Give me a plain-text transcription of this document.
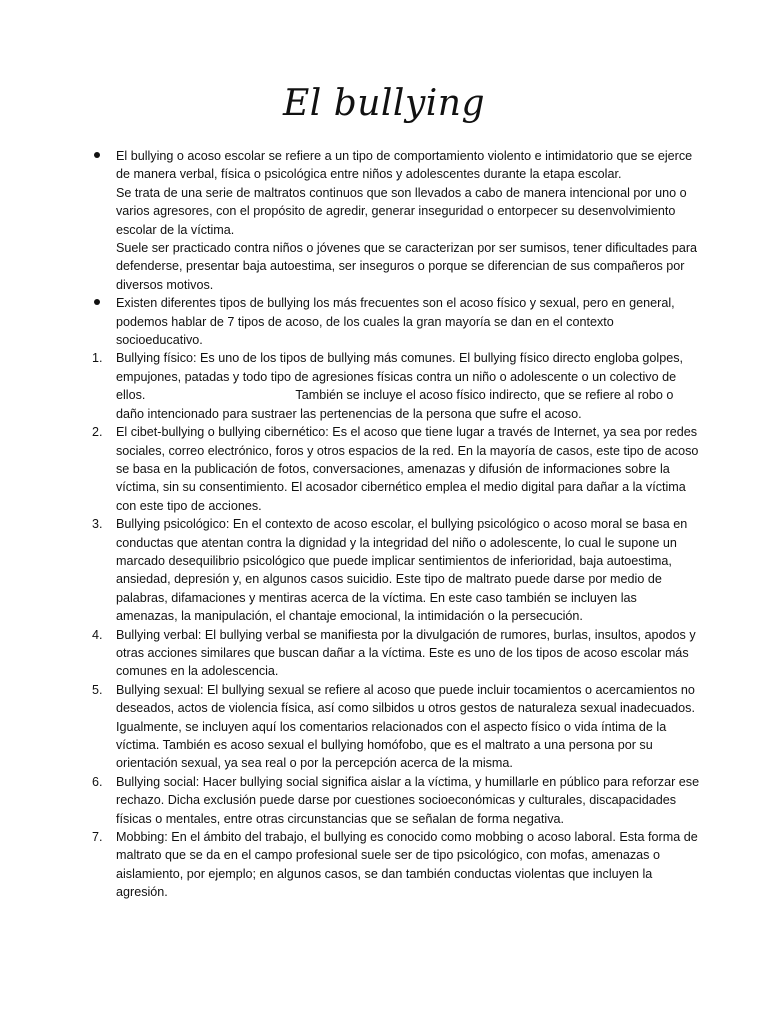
El bullying

El bullying o acoso escolar se refiere a un tipo de comportamiento violento e intimidatorio que se ejerce de manera verbal, física o psicológica entre niños y adolescentes durante la etapa escolar.

Se trata de una serie de maltratos continuos que son llevados a cabo de manera intencional por uno o varios agresores, con el propósito de agredir, generar inseguridad o entorpecer su desenvolvimiento escolar de la víctima.

Suele ser practicado contra niños o jóvenes que se caracterizan por ser sumisos, tener dificultades para defenderse, presentar baja autoestima, ser inseguros o porque se diferencian de sus compañeros por diversos motivos.

Existen diferentes tipos de bullying los más frecuentes son el acoso físico y sexual, pero en general, podemos hablar de 7 tipos de acoso, de los cuales la gran mayoría se dan en el contexto socioeducativo.

1.	Bullying físico: Es uno de los tipos de bullying más comunes. El bullying físico directo engloba golpes, empujones, patadas y todo tipo de agresiones físicas contra un niño o adolescente o un colectivo de ellos.	También se incluye el acoso físico indirecto, que se refiere al robo o daño intencionado para sustraer las pertenencias de la persona que sufre el acoso.

2.	El cibet-bullying o bullying cibernético: Es el acoso que tiene lugar a través de Internet, ya sea por redes sociales, correo electrónico, foros y otros espacios de la red. En la mayoría de casos, este tipo de acoso se basa en la publicación de fotos, conversaciones, amenazas y difusión de informaciones sobre la víctima, sin su consentimiento. El acosador cibernético emplea el medio digital para dañar a la víctima con este tipo de acciones.

3.	Bullying psicológico: En el contexto de acoso escolar, el bullying psicológico o acoso moral se basa en conductas que atentan contra la dignidad y la integridad del niño o adolescente, lo cual le supone un marcado desequilibrio psicológico que puede implicar sentimientos de inferioridad, baja autoestima, ansiedad, depresión y, en algunos casos suicidio. Este tipo de maltrato puede darse por medio de palabras, difamaciones y mentiras acerca de la víctima. En este caso también se incluyen las amenazas, la manipulación, el chantaje emocional, la intimidación o la persecución.

4.	Bullying verbal: El bullying verbal se manifiesta por la divulgación de rumores, burlas, insultos, apodos y otras acciones similares que buscan dañar a la víctima. Este es uno de los tipos de acoso escolar más comunes en la adolescencia.

5.	Bullying sexual: El bullying sexual se refiere al acoso que puede incluir tocamientos o acercamientos no deseados, actos de violencia física, así como silbidos u otros gestos de naturaleza sexual inadecuados. Igualmente, se incluyen aquí los comentarios relacionados con el aspecto físico o vida íntima de la víctima. También es acoso sexual el bullying homófobo, que es el maltrato a una persona por su orientación sexual, ya sea real o por la percepción acerca de la misma.

6.	Bullying social: Hacer bullying social significa aislar a la víctima, y humillarle en público para reforzar ese rechazo. Dicha exclusión puede darse por cuestiones socioeconómicas y culturales, discapacidades físicas o mentales, entre otras circunstancias que se señalan de forma negativa.

7.	Mobbing: En el ámbito del trabajo, el bullying es conocido como mobbing o acoso laboral. Esta forma de maltrato que se da en el campo profesional suele ser de tipo psicológico, con mofas, amenazas o aislamiento, por ejemplo; en algunos casos, se dan también conductas violentas que incluyen la agresión.
